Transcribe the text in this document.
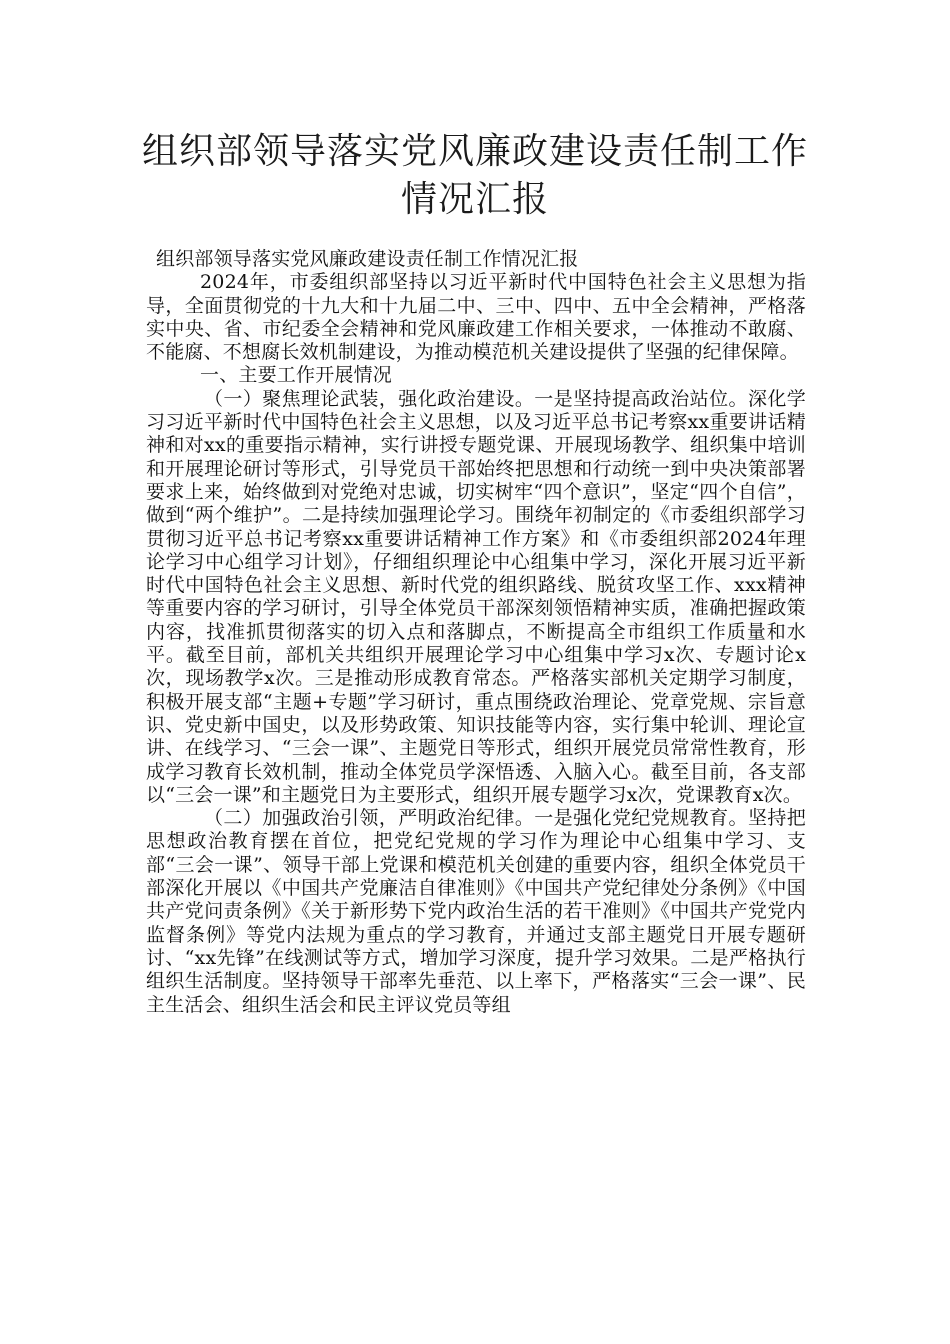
组织部领导落实党风廉政建设责任制工作
情况汇报

组织部领导落实党风廉政建设责任制工作情况汇报

2024年，市委组织部坚持以习近平新时代中国特色社会主义思想为指导，全面贯彻党的十九大和十九届二中、三中、四中、五中全会精神，严格落实中央、省、市纪委全会精神和党风廉政建工作相关要求，一体推动不敢腐、不能腐、不想腐长效机制建设，为推动模范机关建设提供了坚强的纪律保障。

一、主要工作开展情况

（一）聚焦理论武装，强化政治建设。一是坚持提高政治站位。深化学习习近平新时代中国特色社会主义思想，以及习近平总书记考察xx重要讲话精神和对xx的重要指示精神，实行讲授专题党课、开展现场教学、组织集中培训和开展理论研讨等形式，引导党员干部始终把思想和行动统一到中央决策部署要求上来，始终做到对党绝对忠诚，切实树牢“四个意识”，坚定“四个自信”，做到“两个维护”。二是持续加强理论学习。围绕年初制定的《市委组织部学习贯彻习近平总书记考察xx重要讲话精神工作方案》和《市委组织部2024年理论学习中心组学习计划》，仔细组织理论中心组集中学习，深化开展习近平新时代中国特色社会主义思想、新时代党的组织路线、脱贫攻坚工作、xxx精神等重要内容的学习研讨，引导全体党员干部深刻领悟精神实质，准确把握政策内容，找准抓贯彻落实的切入点和落脚点，不断提高全市组织工作质量和水平。截至目前，部机关共组织开展理论学习中心组集中学习x次、专题讨论x次，现场教学x次。三是推动形成教育常态。严格落实部机关定期学习制度，积极开展支部“主题+专题”学习研讨，重点围绕政治理论、党章党规、宗旨意识、党史新中国史，以及形势政策、知识技能等内容，实行集中轮训、理论宣讲、在线学习、“三会一课”、主题党日等形式，组织开展党员常常性教育，形成学习教育长效机制，推动全体党员学深悟透、入脑入心。截至目前，各支部以“三会一课”和主题党日为主要形式，组织开展专题学习x次，党课教育x次。

（二）加强政治引领，严明政治纪律。一是强化党纪党规教育。坚持把思想政治教育摆在首位，把党纪党规的学习作为理论中心组集中学习、支部“三会一课”、领导干部上党课和模范机关创建的重要内容，组织全体党员干部深化开展以《中国共产党廉洁自律准则》《中国共产党纪律处分条例》《中国共产党问责条例》《关于新形势下党内政治生活的若干准则》《中国共产党党内监督条例》等党内法规为重点的学习教育，并通过支部主题党日开展专题研讨、“xx先锋”在线测试等方式，增加学习深度，提升学习效果。二是严格执行组织生活制度。坚持领导干部率先垂范、以上率下，严格落实“三会一课”、民主生活会、组织生活会和民主评议党员等组
